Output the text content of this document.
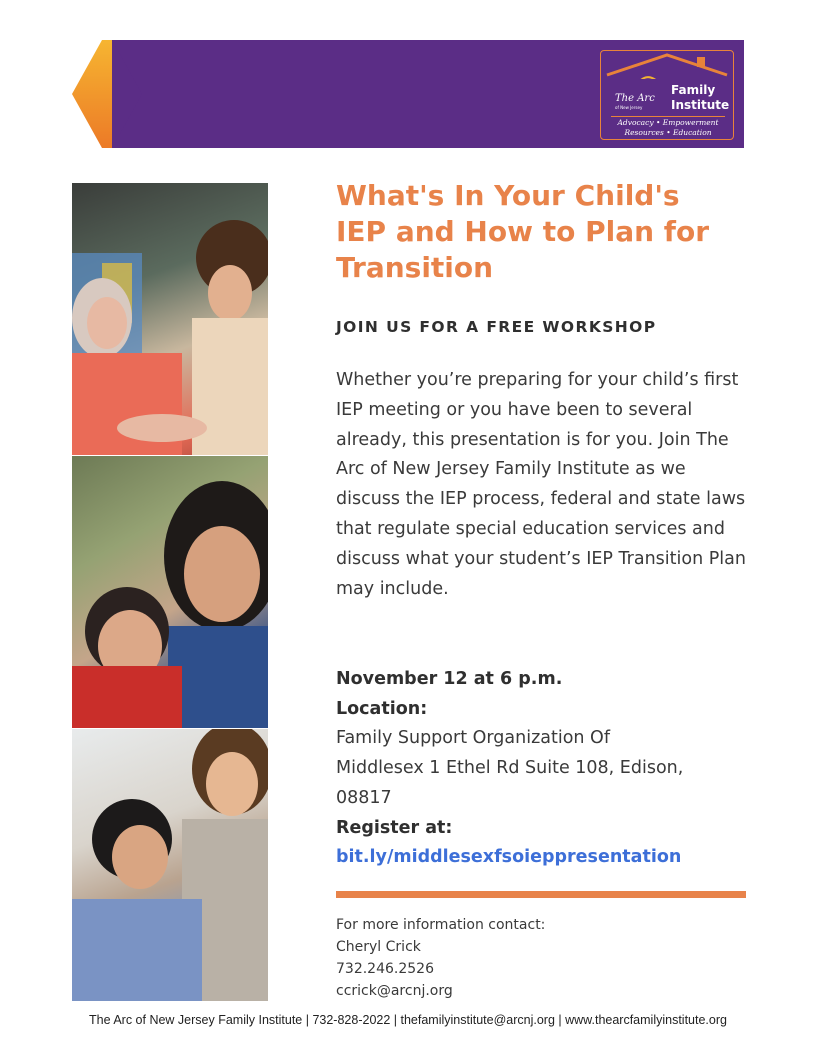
The Arc
of New Jersey
Family
Institute
Advocacy • Empowerment
Resources • Education
What's In Your Child's IEP and How to Plan for Transition
JOIN US FOR A FREE WORKSHOP

Whether you’re preparing for your child’s first IEP meeting or you have been to several already, this presentation is for you. Join The Arc of New Jersey Family Institute as we discuss the IEP process, federal and state laws that regulate special education services and discuss what your student’s IEP Transition Plan may include.

November 12 at 6 p.m.
Location:
Family Support Organization Of
Middlesex 1 Ethel Rd Suite 108, Edison,
08817
Register at:
bit.ly/middlesexfsoieppresentation
For more information contact:
Cheryl Crick
732.246.2526
ccrick@arcnj.org
The Arc of New Jersey Family Institute | 732-828-2022 | thefamilyinstitute@arcnj.org | www.thearcfamilyinstitute.org
